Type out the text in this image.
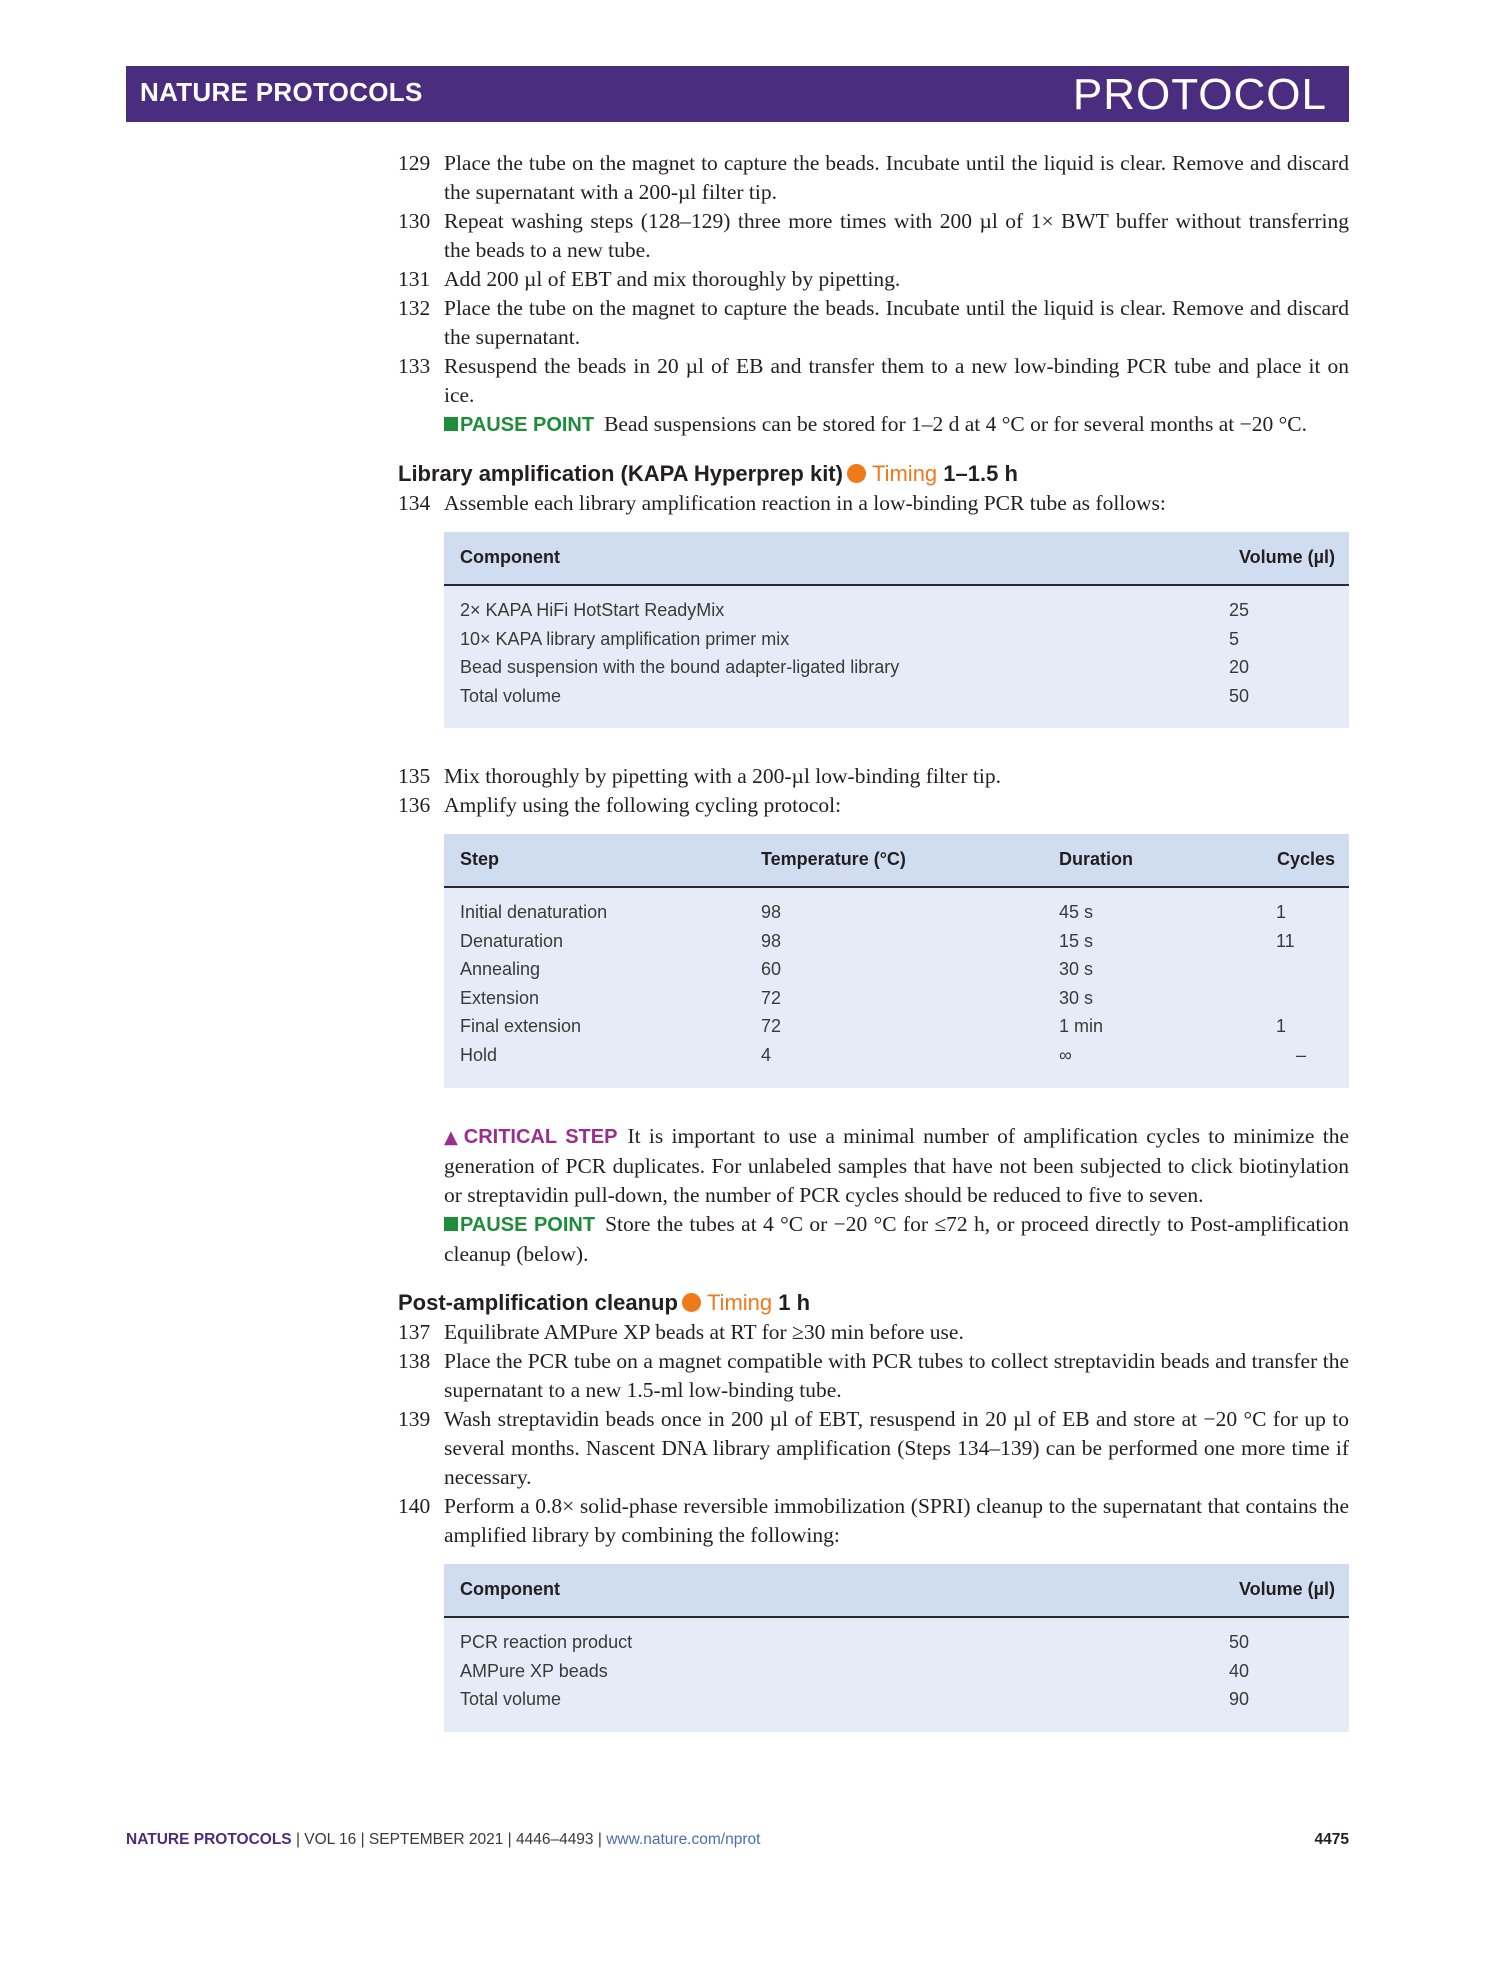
NATURE PROTOCOLS	PROTOCOL
129 Place the tube on the magnet to capture the beads. Incubate until the liquid is clear. Remove and discard the supernatant with a 200-µl filter tip.
130 Repeat washing steps (128–129) three more times with 200 µl of 1× BWT buffer without transferring the beads to a new tube.
131 Add 200 µl of EBT and mix thoroughly by pipetting.
132 Place the tube on the magnet to capture the beads. Incubate until the liquid is clear. Remove and discard the supernatant.
133 Resuspend the beads in 20 µl of EB and transfer them to a new low-binding PCR tube and place it on ice.
PAUSE POINT Bead suspensions can be stored for 1–2 d at 4 °C or for several months at −20 °C.
Library amplification (KAPA Hyperprep kit) Timing 1–1.5 h
134 Assemble each library amplification reaction in a low-binding PCR tube as follows:
Component	Volume (µl)
2× KAPA HiFi HotStart ReadyMix	25
10× KAPA library amplification primer mix	5
Bead suspension with the bound adapter-ligated library	20
Total volume	50
135 Mix thoroughly by pipetting with a 200-µl low-binding filter tip.
136 Amplify using the following cycling protocol:
Step	Temperature (°C)	Duration	Cycles
Initial denaturation	98	45 s	1
Denaturation	98	15 s	11
Annealing	60	30 s
Extension	72	30 s
Final extension	72	1 min	1
Hold	4	∞	–
▲ CRITICAL STEP It is important to use a minimal number of amplification cycles to minimize the generation of PCR duplicates. For unlabeled samples that have not been subjected to click biotinylation or streptavidin pull-down, the number of PCR cycles should be reduced to five to seven.
PAUSE POINT Store the tubes at 4 °C or −20 °C for ≤72 h, or proceed directly to Post-amplification cleanup (below).
Post-amplification cleanup Timing 1 h
137 Equilibrate AMPure XP beads at RT for ≥30 min before use.
138 Place the PCR tube on a magnet compatible with PCR tubes to collect streptavidin beads and transfer the supernatant to a new 1.5-ml low-binding tube.
139 Wash streptavidin beads once in 200 µl of EBT, resuspend in 20 µl of EB and store at −20 °C for up to several months. Nascent DNA library amplification (Steps 134–139) can be performed one more time if necessary.
140 Perform a 0.8× solid-phase reversible immobilization (SPRI) cleanup to the supernatant that contains the amplified library by combining the following:
Component	Volume (µl)
PCR reaction product	50
AMPure XP beads	40
Total volume	90
NATURE PROTOCOLS | VOL 16 | SEPTEMBER 2021 | 4446–4493 | www.nature.com/nprot	4475
